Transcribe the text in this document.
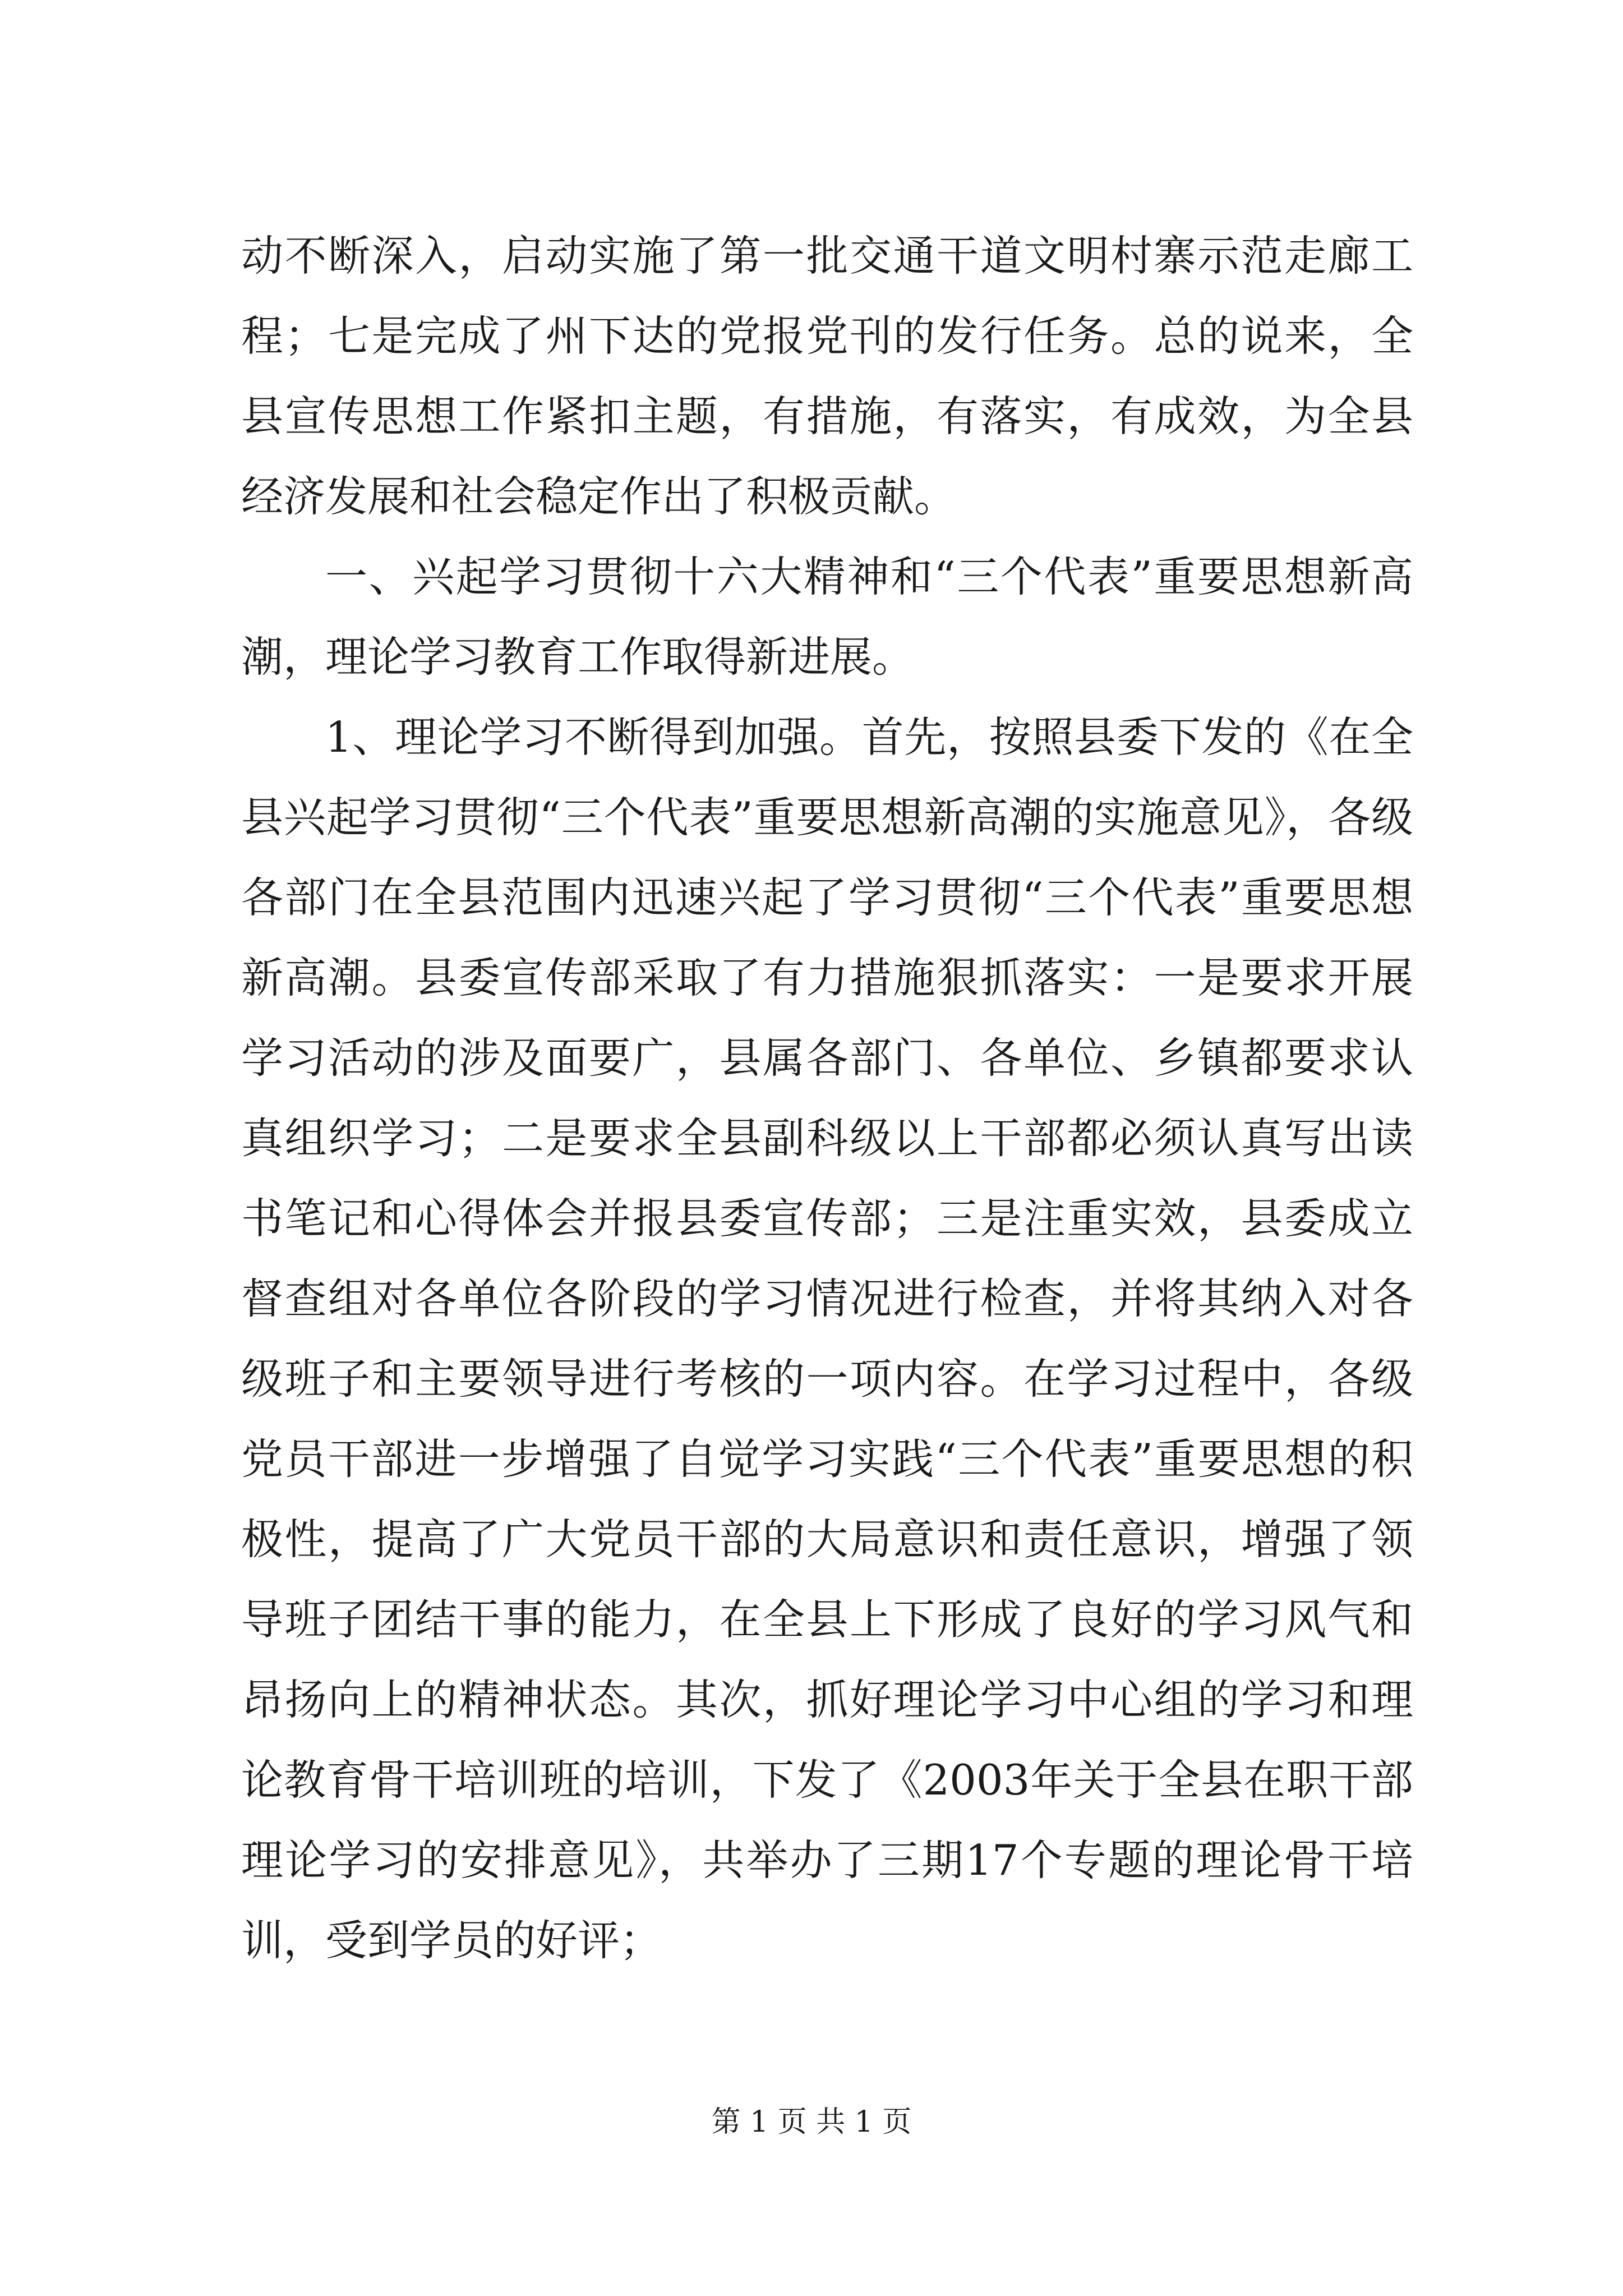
动不断深入，启动实施了第一批交通干道文明村寨示范走廊工程；七是完成了州下达的党报党刊的发行任务。总的说来，全县宣传思想工作紧扣主题，有措施，有落实，有成效，为全县经济发展和社会稳定作出了积极贡献。

一、兴起学习贯彻十六大精神和“三个代表”重要思想新高潮，理论学习教育工作取得新进展。

1、理论学习不断得到加强。首先，按照县委下发的《在全县兴起学习贯彻“三个代表”重要思想新高潮的实施意见》，各级各部门在全县范围内迅速兴起了学习贯彻“三个代表”重要思想新高潮。县委宣传部采取了有力措施狠抓落实：一是要求开展学习活动的涉及面要广，县属各部门、各单位、乡镇都要求认真组织学习；二是要求全县副科级以上干部都必须认真写出读书笔记和心得体会并报县委宣传部；三是注重实效，县委成立督查组对各单位各阶段的学习情况进行检查，并将其纳入对各级班子和主要领导进行考核的一项内容。在学习过程中，各级党员干部进一步增强了自觉学习实践“三个代表”重要思想的积极性，提高了广大党员干部的大局意识和责任意识，增强了领导班子团结干事的能力，在全县上下形成了良好的学习风气和昂扬向上的精神状态。其次，抓好理论学习中心组的学习和理论教育骨干培训班的培训，下发了《2003年关于全县在职干部理论学习的安排意见》，共举办了三期17个专题的理论骨干培训，受到学员的好评；

第 1 页 共 1 页
